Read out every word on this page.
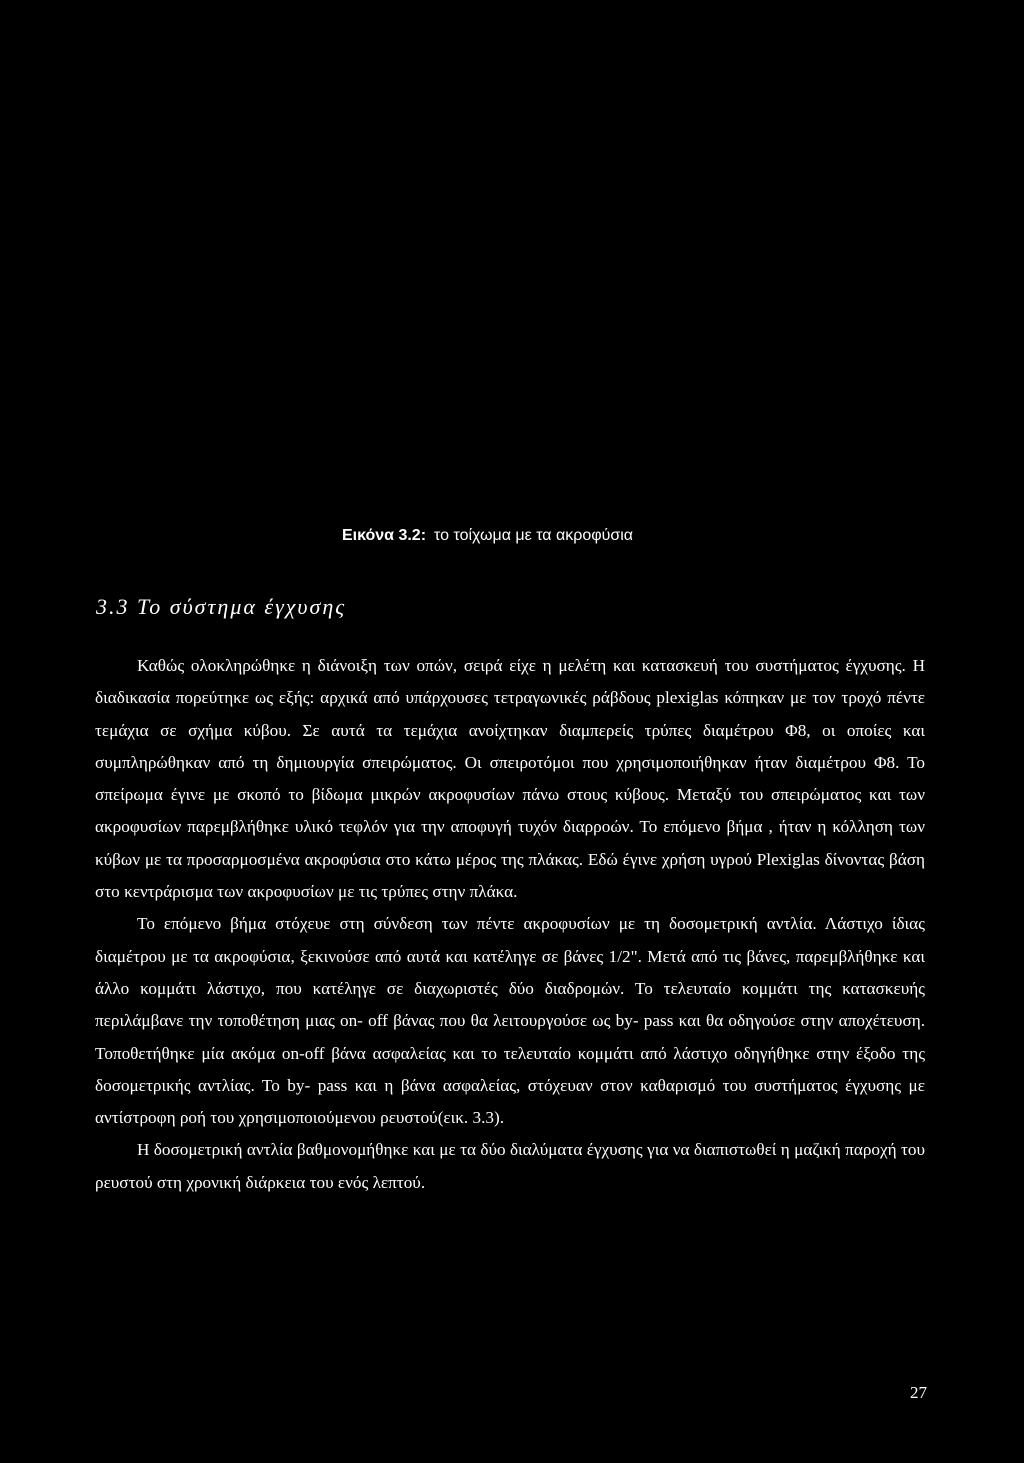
Εικόνα 3.2: το τοίχωμα με τα ακροφύσια
3.3 Το σύστημα έγχυσης

Καθώς ολοκληρώθηκε η διάνοιξη των οπών, σειρά είχε η μελέτη και κατασκευή του συστήματος έγχυσης. Η διαδικασία πορεύτηκε ως εξής: αρχικά από υπάρχουσες τετραγωνικές ράβδους plexiglas κόπηκαν με τον τροχό πέντε τεμάχια σε σχήμα κύβου. Σε αυτά τα τεμάχια ανοίχτηκαν διαμπερείς τρύπες διαμέτρου Φ8, οι οποίες και συμπληρώθηκαν από τη δημιουργία σπειρώματος. Οι σπειροτόμοι που χρησιμοποιήθηκαν ήταν διαμέτρου Φ8. Το σπείρωμα έγινε με σκοπό το βίδωμα μικρών ακροφυσίων πάνω στους κύβους. Μεταξύ του σπειρώματος και των ακροφυσίων παρεμβλήθηκε υλικό τεφλόν για την αποφυγή τυχόν διαρροών. Το επόμενο βήμα , ήταν η κόλληση των κύβων με τα προσαρμοσμένα ακροφύσια στο κάτω μέρος της πλάκας. Εδώ έγινε χρήση υγρού Plexiglas δίνοντας βάση στο κεντράρισμα των ακροφυσίων με τις τρύπες στην πλάκα.

Το επόμενο βήμα στόχευε στη σύνδεση των πέντε ακροφυσίων με τη δοσομετρική αντλία. Λάστιχο ίδιας διαμέτρου με τα ακροφύσια, ξεκινούσε από αυτά και κατέληγε σε βάνες 1/2". Μετά από τις βάνες, παρεμβλήθηκε και άλλο κομμάτι λάστιχο, που κατέληγε σε διαχωριστές δύο διαδρομών. Το τελευταίο κομμάτι της κατασκευής περιλάμβανε την τοποθέτηση μιας on- off βάνας που θα λειτουργούσε ως by- pass και θα οδηγούσε στην αποχέτευση. Τοποθετήθηκε μία ακόμα on-off βάνα ασφαλείας και το τελευταίο κομμάτι από λάστιχο οδηγήθηκε στην έξοδο της δοσομετρικής αντλίας. Το by- pass και η βάνα ασφαλείας, στόχευαν στον καθαρισμό του συστήματος έγχυσης με αντίστροφη ροή του χρησιμοποιούμενου ρευστού(εικ. 3.3).

Η δοσομετρική αντλία βαθμονομήθηκε και με τα δύο διαλύματα έγχυσης για να διαπιστωθεί η μαζική παροχή του ρευστού στη χρονική διάρκεια του ενός λεπτού.

27
